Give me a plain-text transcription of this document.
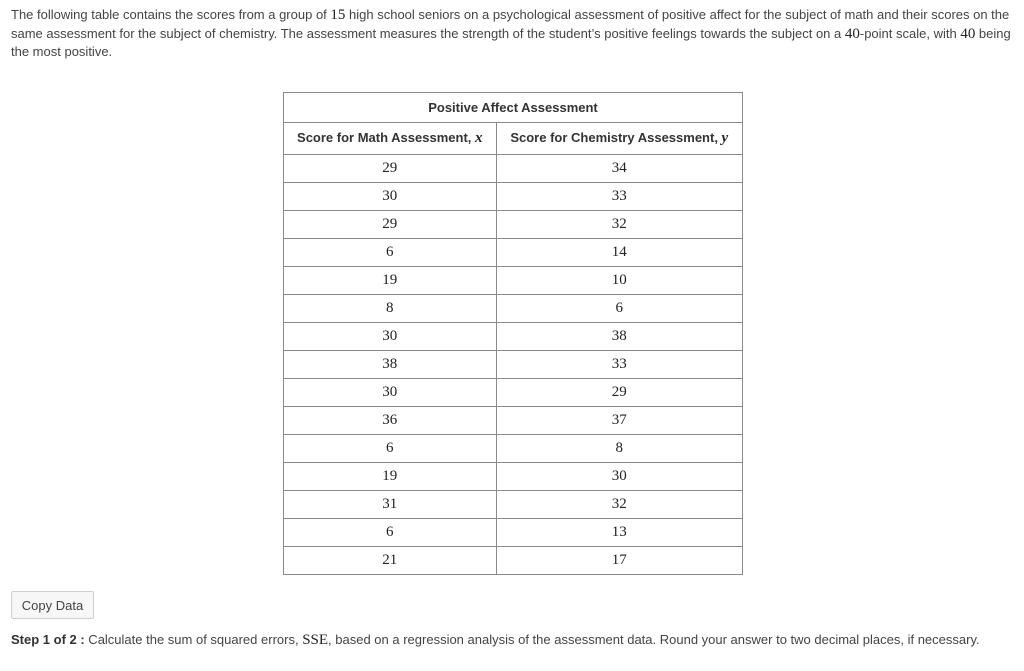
The following table contains the scores from a group of 15 high school seniors on a psychological assessment of positive affect for the subject of math and their scores on the same assessment for the subject of chemistry. The assessment measures the strength of the student’s positive feelings towards the subject on a 40-point scale, with 40 being the most positive.
Positive Affect Assessment	
Score for Math Assessment, x	Score for Chemistry Assessment, y
29	34
30	33
29	32
6	14
19	10
8	6
30	38
38	33
30	29
36	37
6	8
19	30
31	32
6	13
21	17
Copy Data
Step 1 of 2 : Calculate the sum of squared errors, SSE, based on a regression analysis of the assessment data. Round your answer to two decimal places, if necessary.
